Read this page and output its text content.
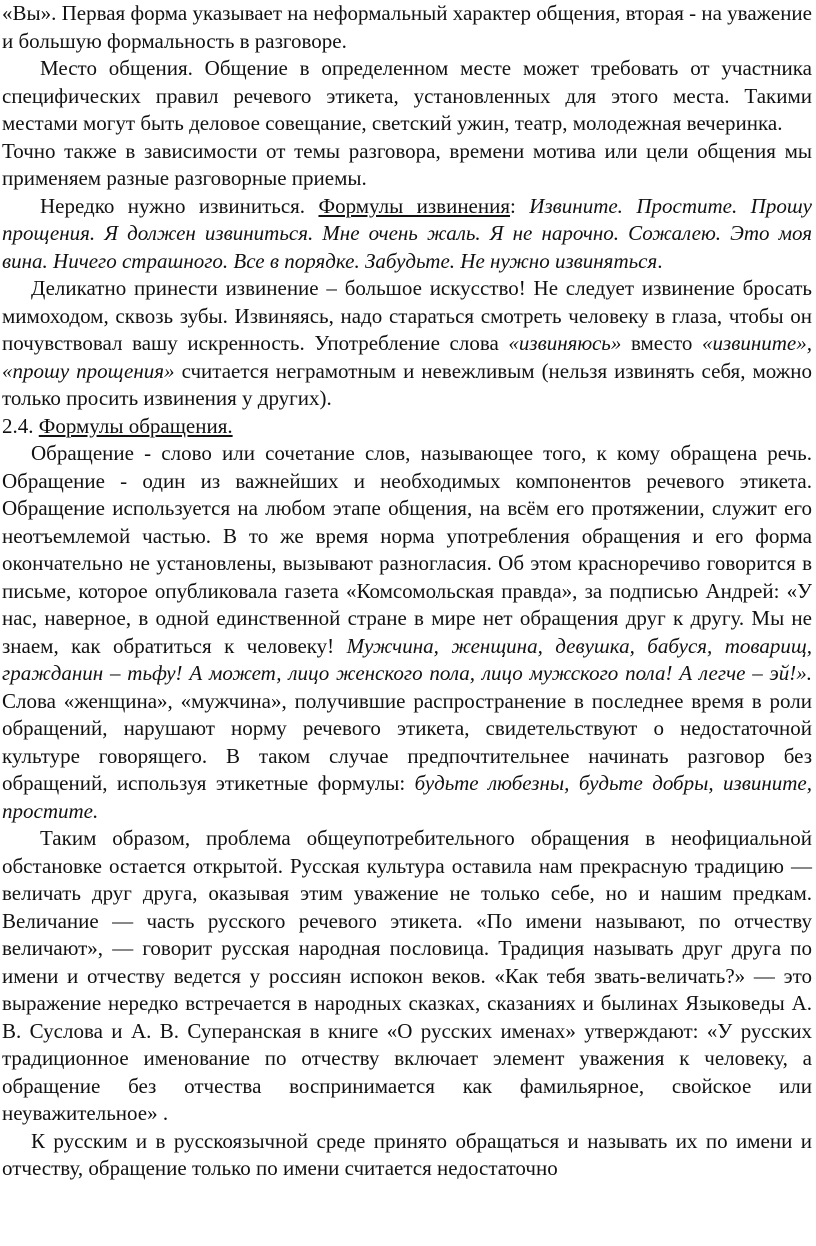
«Вы». Первая форма указывает на неформальный характер общения, вторая - на уважение и большую формальность в разговоре.

Место общения. Общение в определенном месте может требовать от участника специфических правил речевого этикета, установленных для этого места. Такими местами могут быть деловое совещание, светский ужин, театр, молодежная вечеринка.

Точно также в зависимости от темы разговора, времени мотива или цели общения мы применяем разные разговорные приемы.

Нередко нужно извиниться. Формулы извинения: Извините. Простите. Прошу прощения. Я должен извиниться. Мне очень жаль. Я не нарочно. Сожалею. Это моя вина. Ничего страшного. Все в порядке. Забудьте. Не нужно извиняться.

Деликатно принести извинение – большое искусство! Не следует извинение бросать мимоходом, сквозь зубы. Извиняясь, надо стараться смотреть человеку в глаза, чтобы он почувствовал вашу искренность. Употребление слова «извиняюсь» вместо «извините», «прошу прощения» считается неграмотным и невежливым (нельзя извинять себя, можно только просить извинения у других).

2.4. Формулы обращения.

Обращение - слово или сочетание слов, называющее того, к кому обращена речь. Обращение - один из важнейших и необходимых компонентов речевого этикета. Обращение используется на любом этапе общения, на всём его протяжении, служит его неотъемлемой частью. В то же время норма употребления обращения и его форма окончательно не установлены, вызывают разногласия. Об этом красноречиво говорится в письме, которое опубликовала газета «Комсомольская правда», за подписью Андрей: «У нас, наверное, в одной единственной стране в мире нет обращения друг к другу. Мы не знаем, как обратиться к человеку! Мужчина, женщина, девушка, бабуся, товарищ, гражданин – тьфу! А может, лицо женского пола, лицо мужского пола! А легче – эй!». Слова «женщина», «мужчина», получившие распространение в последнее время в роли обращений, нарушают норму речевого этикета, свидетельствуют о недостаточной культуре говорящего. В таком случае предпочтительнее начинать разговор без обращений, используя этикетные формулы: будьте любезны, будьте добры, извините, простите.

Таким образом, проблема общеупотребительного обращения в неофициальной обстановке остается открытой. Русская культура оставила нам прекрасную традицию — величать друг друга, оказывая этим уважение не только себе, но и нашим предкам. Величание — часть русского речевого этикета. «По имени называют, по отчеству величают», — говорит русская народная пословица. Традиция называть друг друга по имени и отчеству ведется у россиян испокон веков. «Как тебя звать-величать?» — это выражение нередко встречается в народных сказках, сказаниях и былинах Языковеды А. В. Суслова и А. В. Суперанская в книге «О русских именах» утверждают: «У русских традиционное именование по отчеству включает элемент уважения к человеку, а обращение без отчества воспринимается как фамильярное, свойское или неуважительное» .

К русским и в русскоязычной среде принято обращаться и называть их по имени и отчеству, обращение только по имени считается недостаточно
